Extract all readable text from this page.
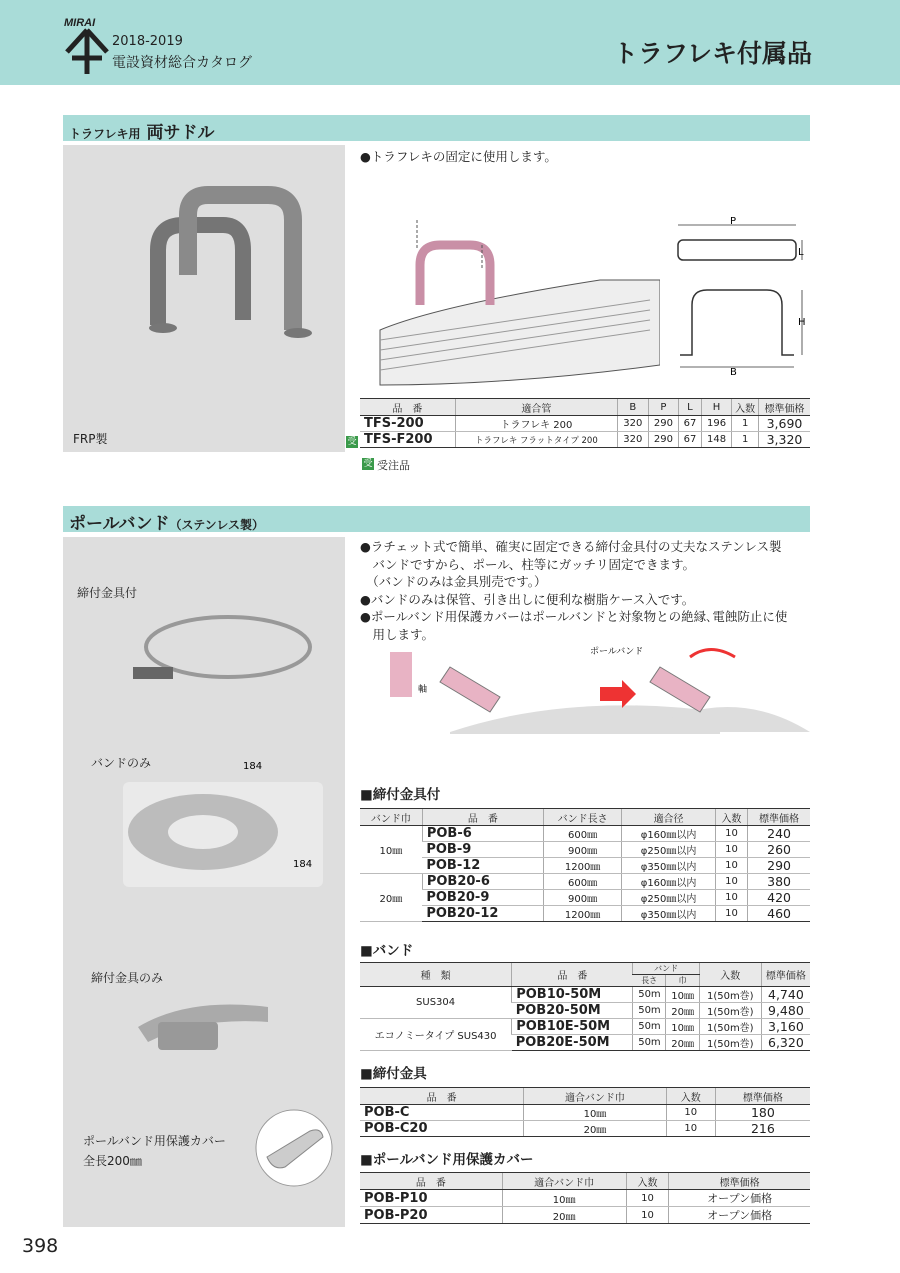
MIRAI
2018-2019
電設資材総合カタログ	トラフレキ付属品
トラフレキ用 両サドル
FRP製
●トラフレキの固定に使用します。
P
B
H
L
品　番	適合管	B	P	L	H	入数	標準価格
TFS-200	トラフレキ 200	320	290	67	196	1	3,690
TFS-F200	トラフレキ フラットタイプ 200	320	290	67	148	1	3,320
受
受 受注品
ポールバンド（ステンレス製）
締付金具付
バンドのみ	184
184
締付金具のみ
ポールバンド用保護カバー
全長200㎜
●ラチェット式で簡単、確実に固定できる締付金具付の丈夫なステンレス製
　バンドですから、ポール、柱等にガッチリ固定できます。
　（バンドのみは金具別売です。）
●バンドのみは保管、引き出しに便利な樹脂ケース入です。
●ポールバンド用保護カバーはポールバンドと対象物との絶縁､電蝕防止に使
　用します。
ポールバンド
軸
■締付金具付
バンド巾	品　番	バンド長さ	適合径	入数	標準価格
10㎜	POB-6	600㎜	φ160㎜以内	10	240
	POB-9	900㎜	φ250㎜以内	10	260
	POB-12	1200㎜	φ350㎜以内	10	290
20㎜	POB20-6	600㎜	φ160㎜以内	10	380
	POB20-9	900㎜	φ250㎜以内	10	420
	POB20-12	1200㎜	φ350㎜以内	10	460
■バンド
種　類	品　番	バンド		入数	標準価格
		長さ	巾		
SUS304	POB10-50M	50m	10㎜	1(50m巻)	4,740
	POB20-50M	50m	20㎜	1(50m巻)	9,480
エコノミータイプ SUS430	POB10E-50M	50m	10㎜	1(50m巻)	3,160
	POB20E-50M	50m	20㎜	1(50m巻)	6,320
■締付金具
品　番	適合バンド巾	入数	標準価格
POB-C	10㎜	10	180
POB-C20	20㎜	10	216
■ポールバンド用保護カバー
品　番	適合バンド巾	入数	標準価格
POB-P10	10㎜	10	オープン価格
POB-P20	20㎜	10	オープン価格
398
